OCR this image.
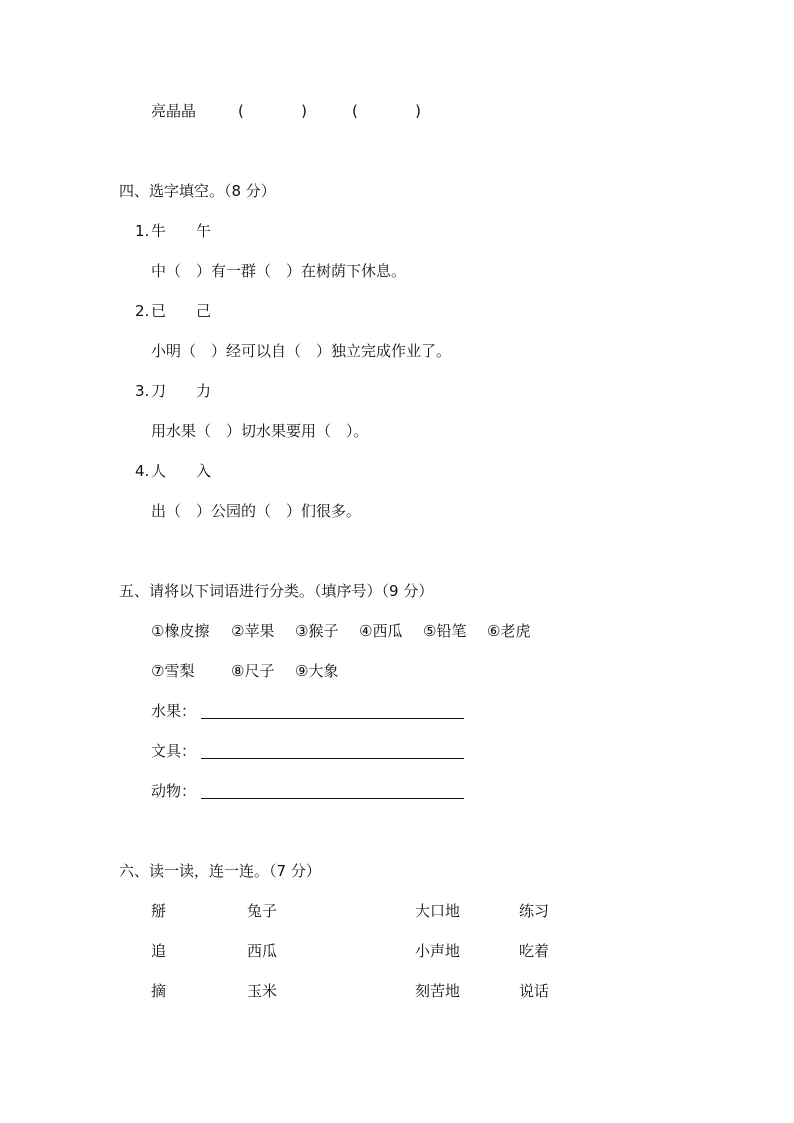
亮晶晶	(            )	(            )
四、选字填空。（8 分）
1. 牛　　午
中（　）有一群（　）在树荫下休息。
2. 已　　己
小明（　）经可以自（　）独立完成作业了。
3. 刀　　力
用水果（　）切水果要用（　）。
4. 人　　入
出（　）公园的（　）们很多。
五、请将以下词语进行分类。（填序号）（9 分）
①橡皮擦 ②苹果 ③猴子 ④西瓜 ⑤铅笔 ⑥老虎
⑦雪梨 ⑧尺子 ⑨大象
水果：
文具：
动物：
六、读一读，连一连。（7 分）
掰	兔子	大口地	练习
追	西瓜	小声地	吃着
摘	玉米	刻苦地	说话
